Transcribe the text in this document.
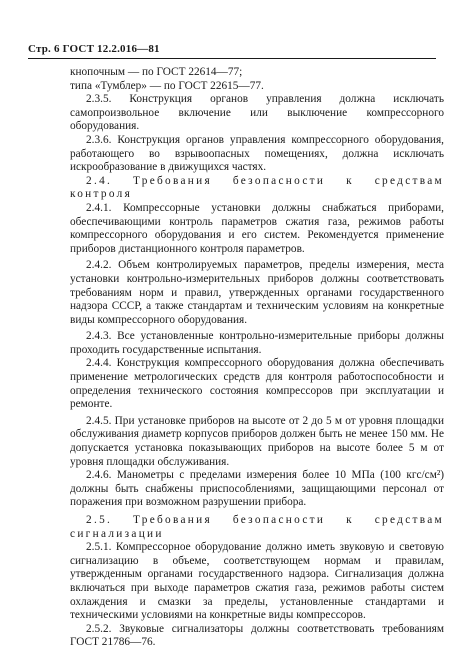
Стр. 6 ГОСТ 12.2.016—81

кнопочным — по ГОСТ 22614—77;

типа «Тумблер» — по ГОСТ 22615—77.

2.3.5. Конструкция органов управления должна исключать самопроизвольное включение или выключение компрессорного оборудования.

2.3.6. Конструкция органов управления компрессорного оборудования, работающего во взрывоопасных помещениях, должна исключать искрообразование в движущихся частях.

2.4. Требования безопасности к средствам контроля

2.4.1. Компрессорные установки должны снабжаться приборами, обеспечивающими контроль параметров сжатия газа, режимов работы компрессорного оборудования и его систем. Рекомендуется применение приборов дистанционного контроля параметров.

2.4.2. Объем контролируемых параметров, пределы измерения, места установки контрольно-измерительных приборов должны соответствовать требованиям норм и правил, утвержденных органами государственного надзора СССР, а также стандартам и техническим условиям на конкретные виды компрессорного оборудования.

2.4.3. Все установленные контрольно-измерительные приборы должны проходить государственные испытания.

2.4.4. Конструкция компрессорного оборудования должна обеспечивать применение метрологических средств для контроля работоспособности и определения технического состояния компрессоров при эксплуатации и ремонте.

2.4.5. При установке приборов на высоте от 2 до 5 м от уровня площадки обслуживания диаметр корпусов приборов должен быть не менее 150 мм. Не допускается установка показывающих приборов на высоте более 5 м от уровня площадки обслуживания.

2.4.6. Манометры с пределами измерения более 10 МПа (100 кгс/см²) должны быть снабжены приспособлениями, защищающими персонал от поражения при возможном разрушении прибора.

2.5. Требования безопасности к средствам сигнализации

2.5.1. Компрессорное оборудование должно иметь звуковую и световую сигнализацию в объеме, соответствующем нормам и правилам, утвержденным органами государственного надзора. Сигнализация должна включаться при выходе параметров сжатия газа, режимов работы систем охлаждения и смазки за пределы, установленные стандартами и техническими условиями на конкретные виды компрессоров.

2.5.2. Звуковые сигнализаторы должны соответствовать требованиям ГОСТ 21786—76.
